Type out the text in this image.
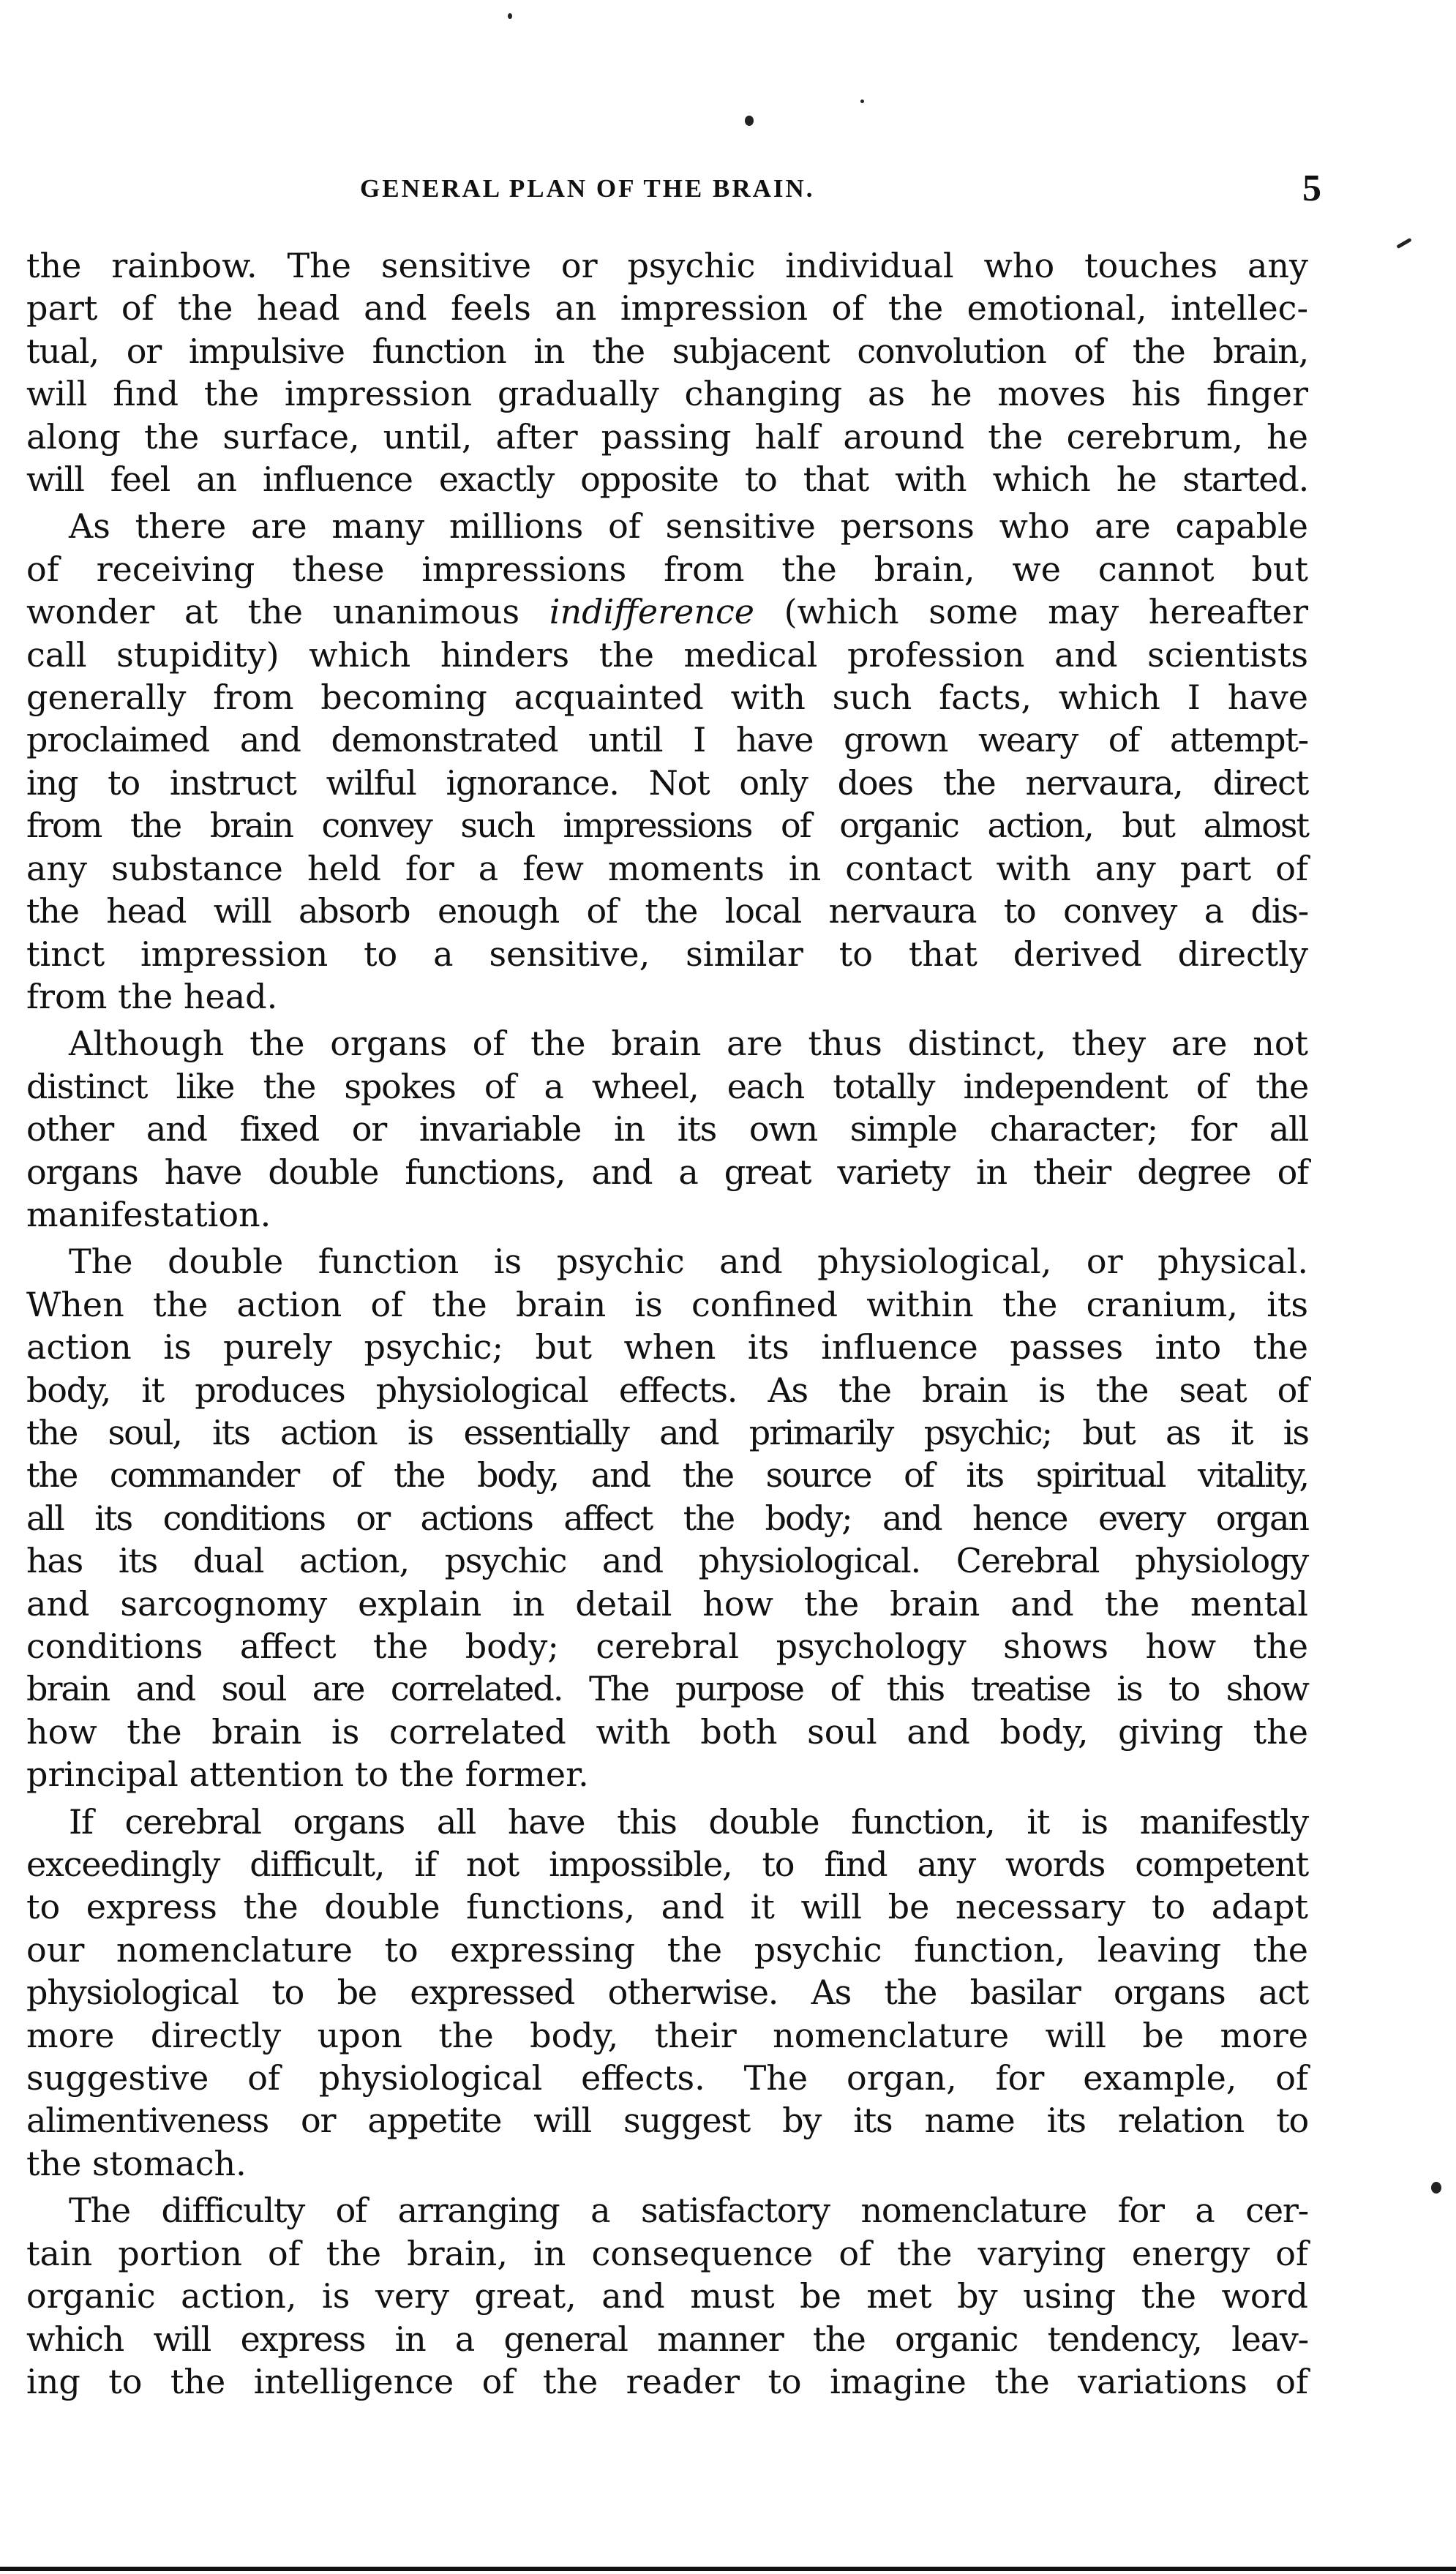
GENERAL PLAN OF THE BRAIN.	5
the rainbow. The sensitive or psychic individual who touches any
part of the head and feels an impression of the emotional, intellec-
tual, or impulsive function in the subjacent convolution of the brain,
will find the impression gradually changing as he moves his finger
along the surface, until, after passing half around the cerebrum, he
will feel an influence exactly opposite to that with which he started.
As there are many millions of sensitive persons who are capable
of receiving these impressions from the brain, we cannot but
wonder at the unanimous indifference (which some may hereafter
call stupidity) which hinders the medical profession and scientists
generally from becoming acquainted with such facts, which I have
proclaimed and demonstrated until I have grown weary of attempt-
ing to instruct wilful ignorance. Not only does the nervaura, direct
from the brain convey such impressions of organic action, but almost
any substance held for a few moments in contact with any part of
the head will absorb enough of the local nervaura to convey a dis-
tinct impression to a sensitive, similar to that derived directly
from the head.
Although the organs of the brain are thus distinct, they are not
distinct like the spokes of a wheel, each totally independent of the
other and fixed or invariable in its own simple character; for all
organs have double functions, and a great variety in their degree of
manifestation.
The double function is psychic and physiological, or physical.
When the action of the brain is confined within the cranium, its
action is purely psychic; but when its influence passes into the
body, it produces physiological effects. As the brain is the seat of
the soul, its action is essentially and primarily psychic; but as it is
the commander of the body, and the source of its spiritual vitality,
all its conditions or actions affect the body; and hence every organ
has its dual action, psychic and physiological. Cerebral physiology
and sarcognomy explain in detail how the brain and the mental
conditions affect the body; cerebral psychology shows how the
brain and soul are correlated. The purpose of this treatise is to show
how the brain is correlated with both soul and body, giving the
principal attention to the former.
If cerebral organs all have this double function, it is manifestly
exceedingly difficult, if not impossible, to find any words competent
to express the double functions, and it will be necessary to adapt
our nomenclature to expressing the psychic function, leaving the
physiological to be expressed otherwise. As the basilar organs act
more directly upon the body, their nomenclature will be more
suggestive of physiological effects. The organ, for example, of
alimentiveness or appetite will suggest by its name its relation to
the stomach.
The difficulty of arranging a satisfactory nomenclature for a cer-
tain portion of the brain, in consequence of the varying energy of
organic action, is very great, and must be met by using the word
which will express in a general manner the organic tendency, leav-
ing to the intelligence of the reader to imagine the variations of
